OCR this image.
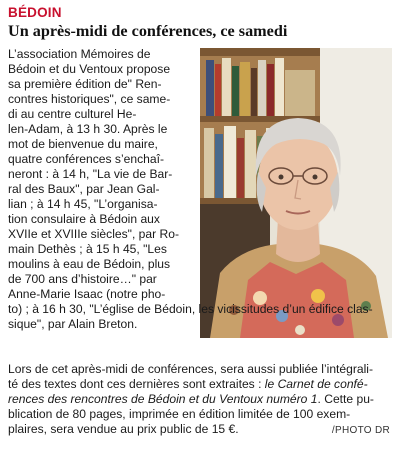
BÉDOIN
Un après-midi de conférences, ce samedi
L’association Mémoires de
Bédoin et du Ventoux propose
sa première édition de" Ren-
contres historiques", ce same-
di au centre culturel He-
len-Adam, à 13 h 30. Après le
mot de bienvenue du maire,
quatre conférences s’enchaî-
neront : à 14 h, "La vie de Bar-
ral des Baux", par Jean Gal-
lian ; à 14 h 45, "L’organisa-
tion consulaire à Bédoin aux
XVIIe et XVIIIe siècles", par Ro-
main Dethès ; à 15 h 45, "Les
moulins à eau de Bédoin, plus
de 700 ans d’histoire…" par
Anne-Marie Isaac (notre pho-
/PHOTO DR
to) ; à 16 h 30, "L’église de Bédoin, les vicissitudes d’un édifice clas-
sique", par Alain Breton.
Lors de cet après-midi de conférences, sera aussi publiée l’intégrali-
té des textes dont ces dernières sont extraites : le Carnet de confé-
rences des rencontres de Bédoin et du Ventoux numéro 1. Cette pu-
blication de 80 pages, imprimée en édition limitée de 100 exem-
plaires, sera vendue au prix public de 15 €.
